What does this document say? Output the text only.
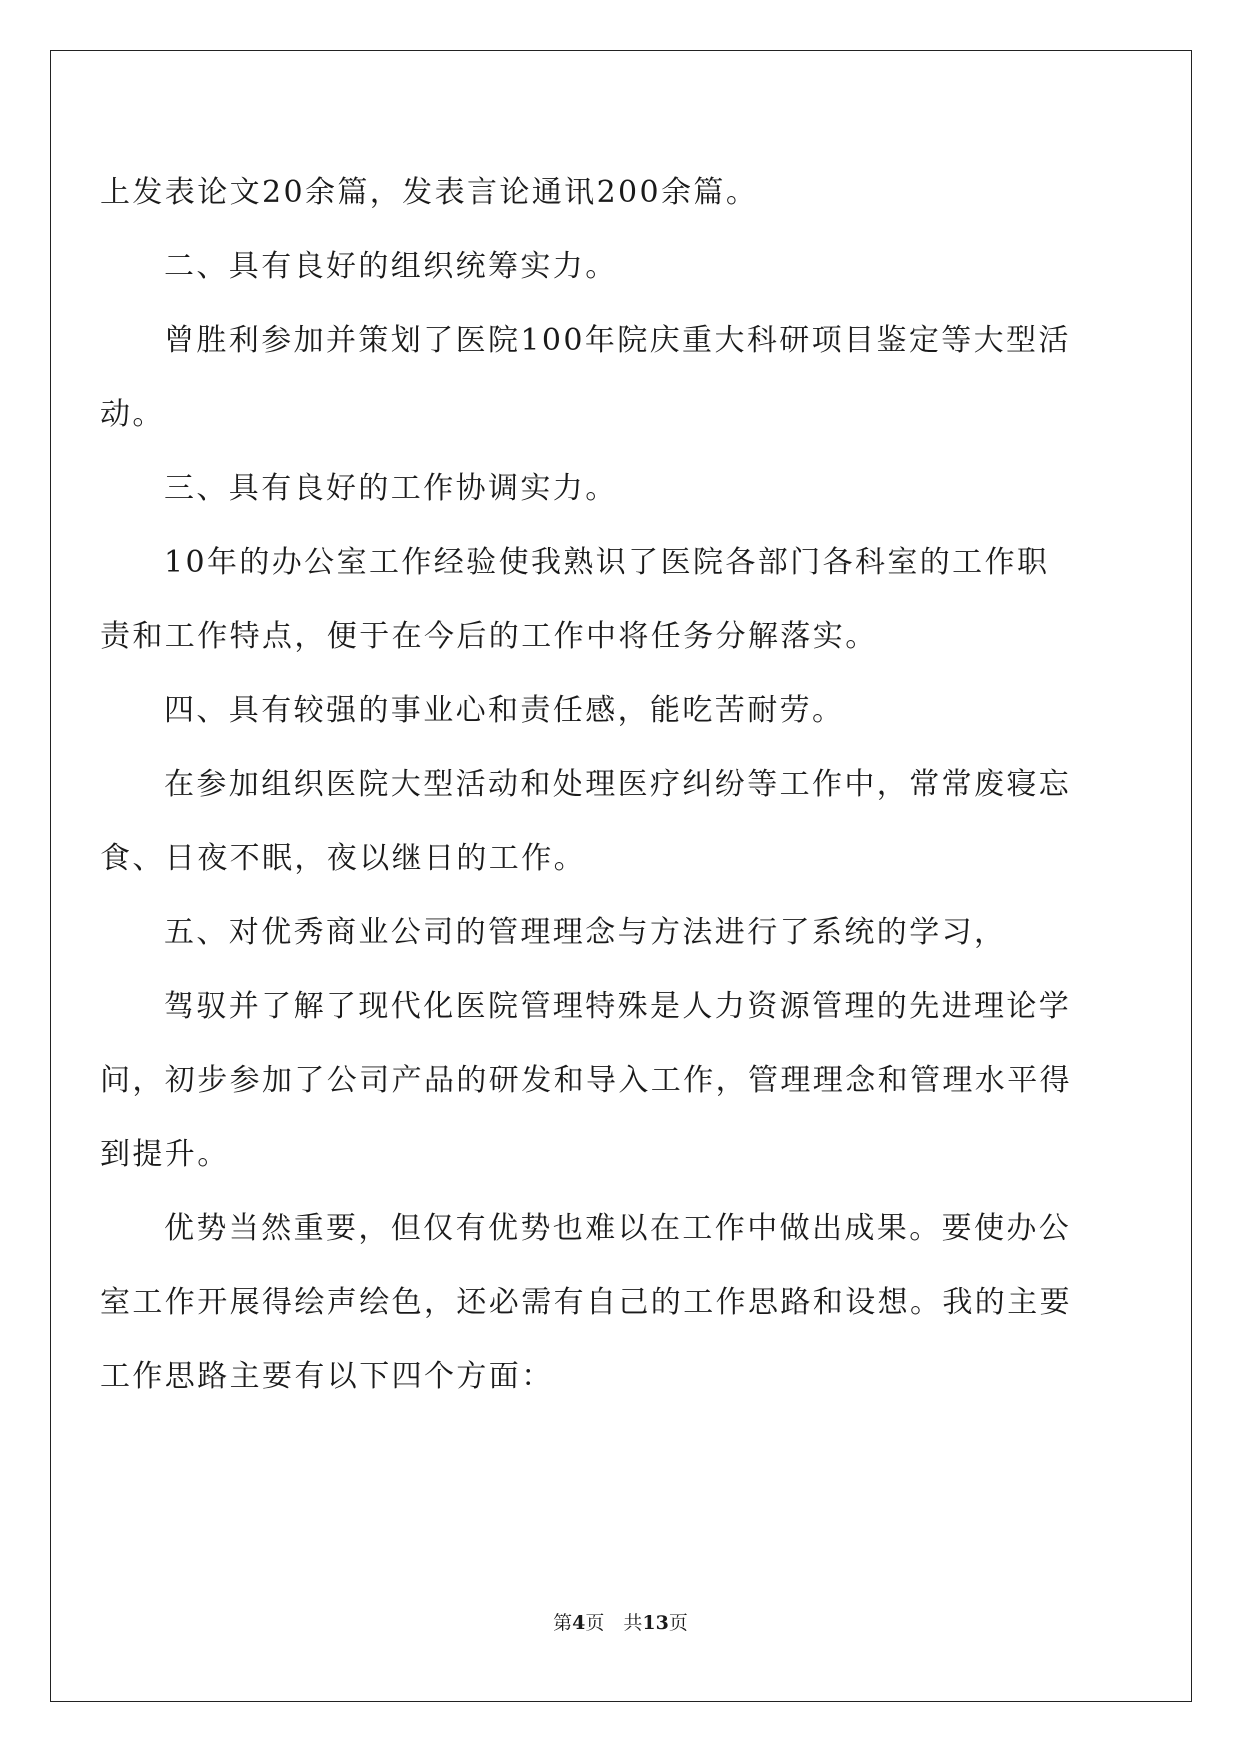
上发表论文20余篇，发表言论通讯200余篇。
二、具有良好的组织统筹实力。
曾胜利参加并策划了医院100年院庆重大科研项目鉴定等大型活
动。
三、具有良好的工作协调实力。
10年的办公室工作经验使我熟识了医院各部门各科室的工作职
责和工作特点，便于在今后的工作中将任务分解落实。
四、具有较强的事业心和责任感，能吃苦耐劳。
在参加组织医院大型活动和处理医疗纠纷等工作中，常常废寝忘
食、日夜不眠，夜以继日的工作。
五、对优秀商业公司的管理理念与方法进行了系统的学习，
驾驭并了解了现代化医院管理特殊是人力资源管理的先进理论学
问，初步参加了公司产品的研发和导入工作，管理理念和管理水平得
到提升。
优势当然重要，但仅有优势也难以在工作中做出成果。要使办公
室工作开展得绘声绘色，还必需有自己的工作思路和设想。我的主要
工作思路主要有以下四个方面：
第4页　共13页
